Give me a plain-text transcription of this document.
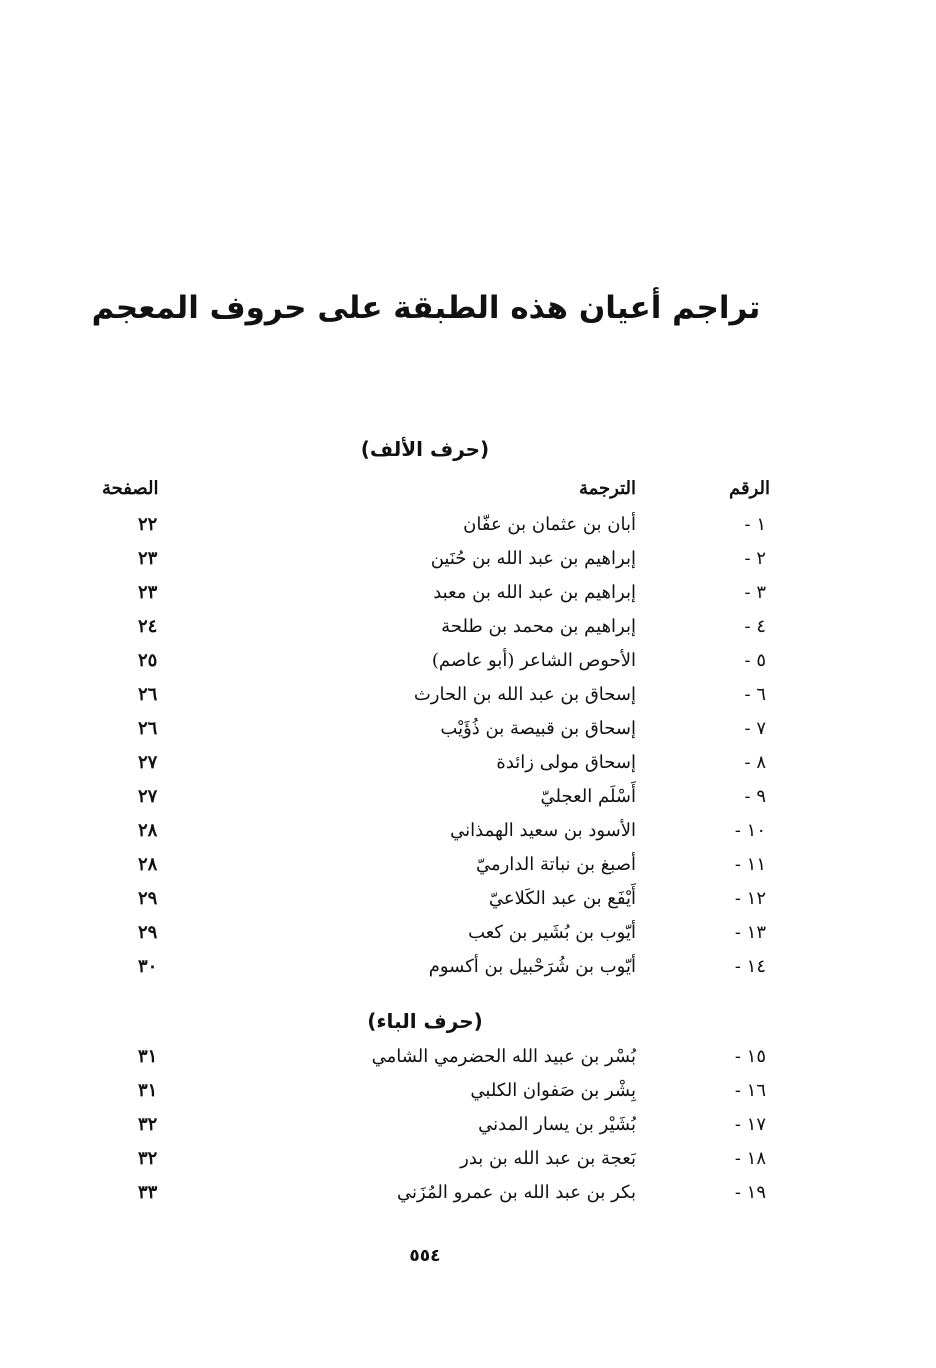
تراجم أعيان هذه الطبقة على حروف المعجم
(حرف الألف)
الرقم
الترجمة
الصفحة
١ -
أبان بن عثمان بن عفّان
٢٢
٢ -
إبراهيم بن عبد الله بن حُنَين
٢٣
٣ -
إبراهيم بن عبد الله بن معبد
٢٣
٤ -
إبراهيم بن محمد بن طلحة
٢٤
٥ -
الأحوص الشاعر (أبو عاصم)
٢٥
٦ -
إسحاق بن عبد الله بن الحارث
٢٦
٧ -
إسحاق بن قبيصة بن ذُؤَيْب
٢٦
٨ -
إسحاق مولى زائدة
٢٧
٩ -
أَسْلَم العجليّ
٢٧
١٠ -
الأسود بن سعيد الهمذاني
٢٨
١١ -
أصبغ بن نباتة الدارميّ
٢٨
١٢ -
أَيْفَع بن عبد الكَلاعيّ
٢٩
١٣ -
أيّوب بن بُشَير بن كعب
٢٩
١٤ -
أيّوب بن شُرَحْبيل بن أكسوم
٣٠
(حرف الباء)
١٥ -
بُسْر بن عبيد الله الحضرمي الشامي
٣١
١٦ -
بِشْر بن صَفوان الكلبي
٣١
١٧ -
بُشَيْر بن يسار المدني
٣٢
١٨ -
بَعجة بن عبد الله بن بدر
٣٢
١٩ -
بكر بن عبد الله بن عمرو المُزَني
٣٣
٥٥٤
